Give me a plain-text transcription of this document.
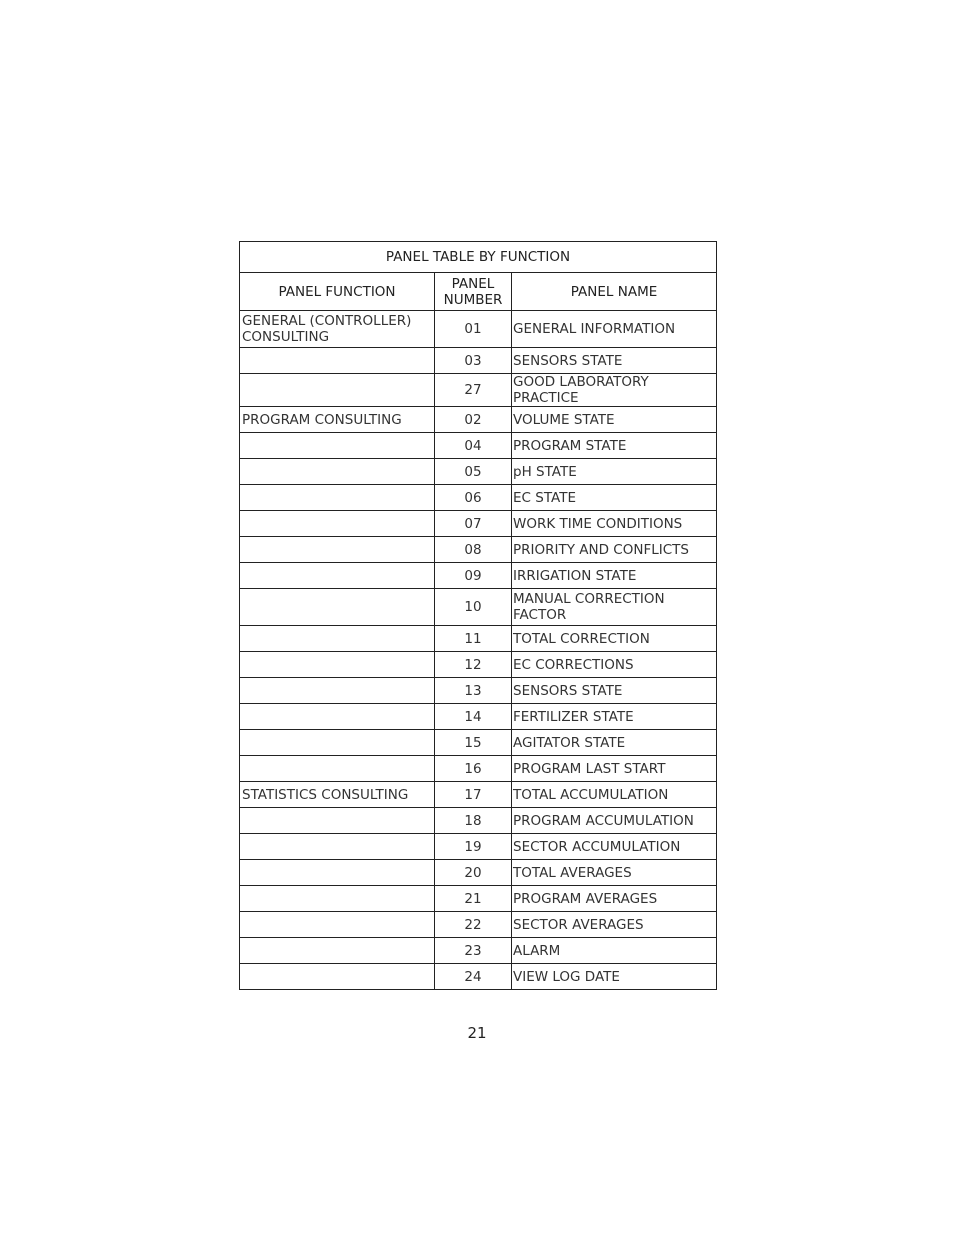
PANEL TABLE BY FUNCTION		
PANEL FUNCTION	PANEL NUMBER	PANEL NAME
GENERAL (CONTROLLER) CONSULTING	01	GENERAL INFORMATION
	03	SENSORS STATE
	27	GOOD LABORATORY PRACTICE
PROGRAM CONSULTING	02	VOLUME STATE
	04	PROGRAM STATE
	05	pH STATE
	06	EC STATE
	07	WORK TIME CONDITIONS
	08	PRIORITY AND CONFLICTS
	09	IRRIGATION STATE
	10	MANUAL CORRECTION FACTOR
	11	TOTAL CORRECTION
	12	EC CORRECTIONS
	13	SENSORS STATE
	14	FERTILIZER STATE
	15	AGITATOR STATE
	16	PROGRAM LAST START
STATISTICS CONSULTING	17	TOTAL ACCUMULATION
	18	PROGRAM ACCUMULATION
	19	SECTOR ACCUMULATION
	20	TOTAL AVERAGES
	21	PROGRAM AVERAGES
	22	SECTOR AVERAGES
	23	ALARM
	24	VIEW LOG DATE
21
